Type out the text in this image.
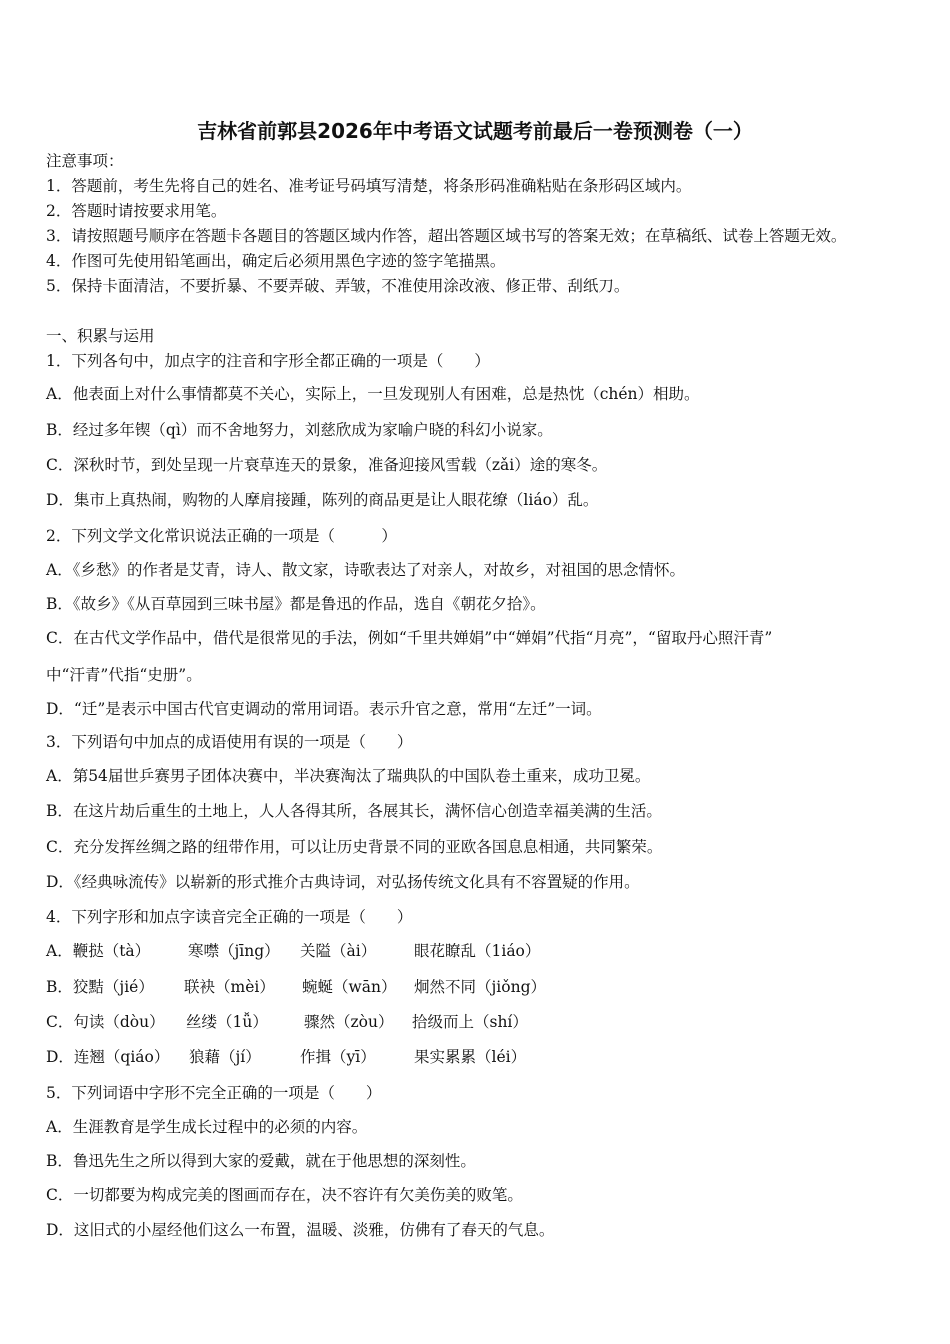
吉林省前郭县2026年中考语文试题考前最后一卷预测卷（一）
注意事项：
1．答题前，考生先将自己的姓名、准考证号码填写清楚，将条形码准确粘贴在条形码区域内。
2．答题时请按要求用笔。
3．请按照题号顺序在答题卡各题目的答题区域内作答，超出答题区域书写的答案无效；在草稿纸、试卷上答题无效。
4．作图可先使用铅笔画出，确定后必须用黑色字迹的签字笔描黑。
5．保持卡面清洁，不要折暴、不要弄破、弄皱，不准使用涂改液、修正带、刮纸刀。
一、积累与运用
1．下列各句中，加点字的注音和字形全都正确的一项是（　　）
A．他表面上对什么事情都莫不关心，实际上，一旦发现别人有困难，总是热忱（chén）相助。
B．经过多年锲（qì）而不舍地努力，刘慈欣成为家喻户晓的科幻小说家。
C．深秋时节，到处呈现一片衰草连天的景象，准备迎接风雪载（zǎi）途的寒冬。
D．集市上真热闹，购物的人摩肩接踵，陈列的商品更是让人眼花缭（liáo）乱。
2．下列文学文化常识说法正确的一项是（　　　）
A．《乡愁》的作者是艾青，诗人、散文家，诗歌表达了对亲人，对故乡，对祖国的思念情怀。
B．《故乡》《从百草园到三味书屋》都是鲁迅的作品，选自《朝花夕拾》。
C．在古代文学作品中，借代是很常见的手法，例如“千里共婵娟”中“婵娟”代指“月亮”，“留取丹心照汗青”
中“汗青”代指“史册”。
D．“迁”是表示中国古代官吏调动的常用词语。表示升官之意，常用“左迁”一词。
3．下列语句中加点的成语使用有误的一项是（　　）
A．第54届世乒赛男子团体决赛中，半决赛淘汰了瑞典队的中国队卷土重来，成功卫冕。
B．在这片劫后重生的土地上，人人各得其所，各展其长，满怀信心创造幸福美满的生活。
C．充分发挥丝绸之路的纽带作用，可以让历史背景不同的亚欧各国息息相通，共同繁荣。
D．《经典咏流传》以崭新的形式推介古典诗词，对弘扬传统文化具有不容置疑的作用。
4．下列字形和加点字读音完全正确的一项是（　　）
A．鞭挞（tà） 寒噤（jīng） 关隘（ài） 眼花瞭乱（1iáo）
B．狡黠（jié） 联袂（mèi） 蜿蜒（wān） 炯然不同（jiǒng）
C．句读（dòu） 丝缕（1ǚ） 骤然（zòu） 拾级而上（shí）
D．连翘（qiáo） 狼藉（jí）	作揖（yī） 果实累累（léi）
5．下列词语中字形不完全正确的一项是（　　）
A．生涯教育是学生成长过程中的必须的内容。
B．鲁迅先生之所以得到大家的爱戴，就在于他思想的深刻性。
C．一切都要为构成完美的图画而存在，决不容许有欠美伤美的败笔。
D．这旧式的小屋经他们这么一布置，温暖、淡雅，仿佛有了春天的气息。
